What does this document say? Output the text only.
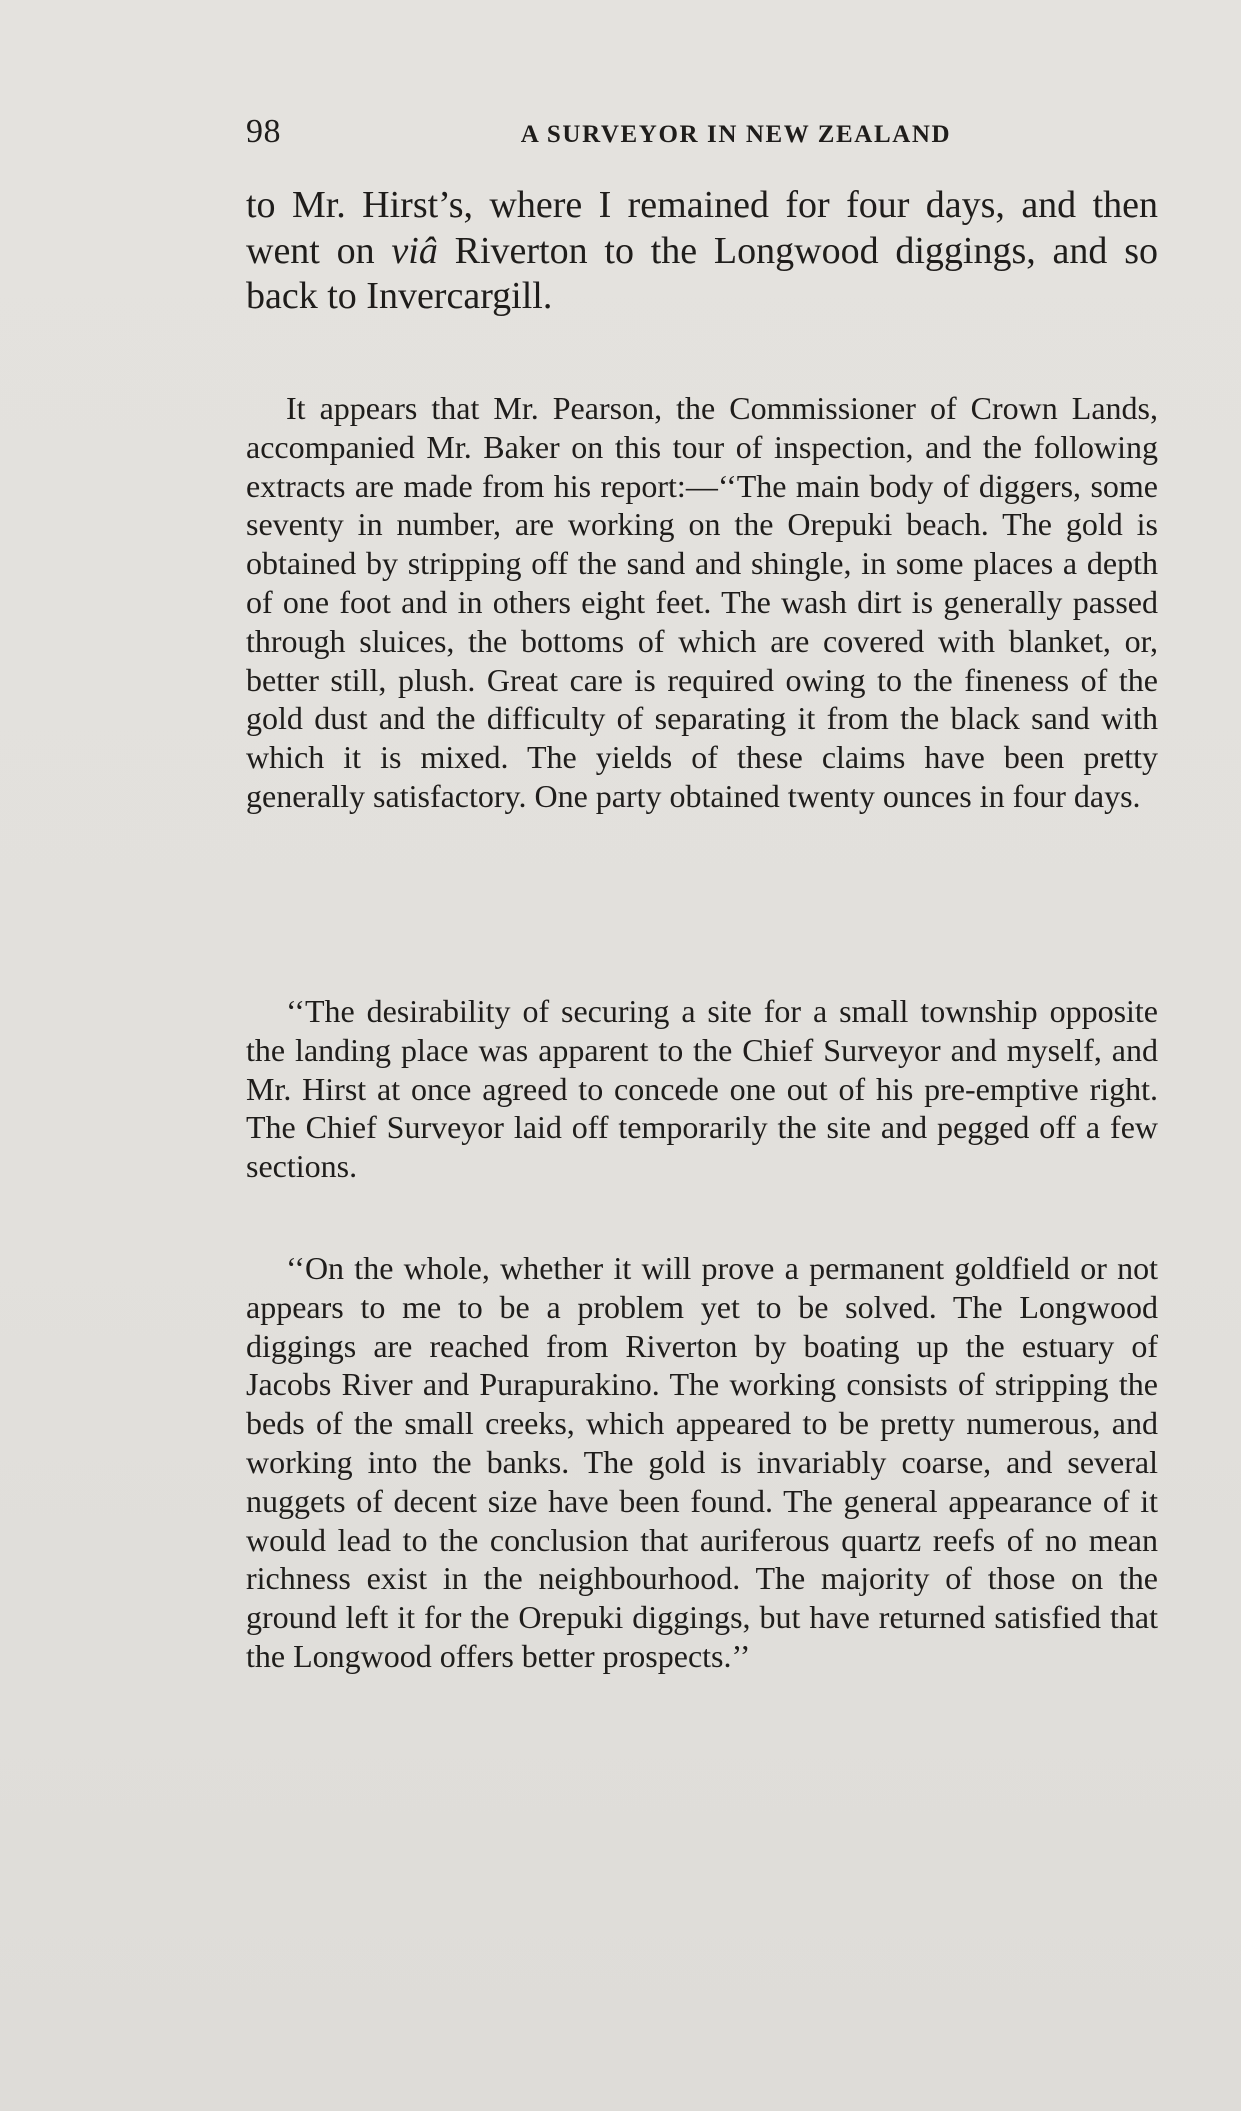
98	A SURVEYOR IN NEW ZEALAND

to Mr. Hirst’s, where I remained for four days, and then went on viâ Riverton to the Longwood diggings, and so back to Invercargill.

It appears that Mr. Pearson, the Commissioner of Crown Lands, accompanied Mr. Baker on this tour of inspection, and the following extracts are made from his report:—‘‘The main body of diggers, some seventy in number, are working on the Orepuki beach. The gold is obtained by stripping off the sand and shingle, in some places a depth of one foot and in others eight feet. The wash dirt is generally passed through sluices, the bottoms of which are covered with blanket, or, better still, plush. Great care is required owing to the fineness of the gold dust and the difficulty of separating it from the black sand with which it is mixed. The yields of these claims have been pretty generally satisfactory. One party obtained twenty ounces in four days.

‘‘The desirability of securing a site for a small township opposite the landing place was apparent to the Chief Surveyor and myself, and Mr. Hirst at once agreed to concede one out of his pre-emptive right. The Chief Surveyor laid off temporarily the site and pegged off a few sections.

‘‘On the whole, whether it will prove a permanent goldfield or not appears to me to be a problem yet to be solved. The Longwood diggings are reached from Riverton by boating up the estuary of Jacobs River and Purapurakino. The working consists of stripping the beds of the small creeks, which appeared to be pretty numerous, and working into the banks. The gold is invariably coarse, and several nuggets of decent size have been found. The general appearance of it would lead to the conclusion that auriferous quartz reefs of no mean richness exist in the neighbourhood. The majority of those on the ground left it for the Orepuki diggings, but have returned satisfied that the Longwood offers better prospects.’’
